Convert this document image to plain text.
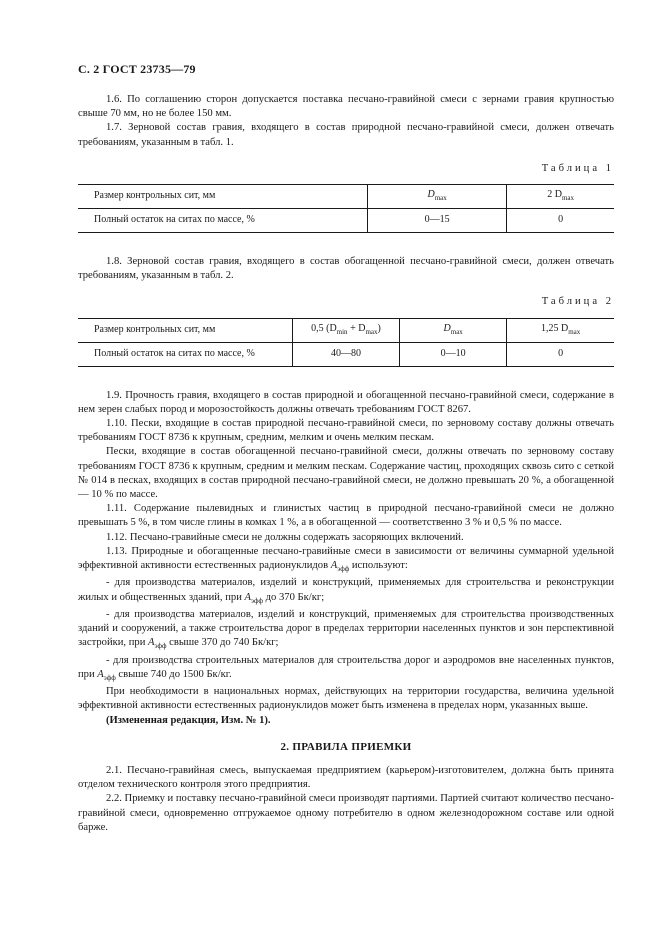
С. 2 ГОСТ 23735—79

1.6. По соглашению сторон допускается поставка песчано-гравийной смеси с зернами гравия крупностью свыше 70 мм, но не более 150 мм.

1.7. Зерновой состав гравия, входящего в состав природной песчано-гравийной смеси, должен отвечать требованиям, указанным в табл. 1.

Таблица 1
Размер контрольных сит, мм	$D_{max}$	2 $D_{max}$
Полный остаток на ситах по массе, %	0—15	0

1.8. Зерновой состав гравия, входящего в состав обогащенной песчано-гравийной смеси, должен отвечать требованиям, указанным в табл. 2.

Таблица 2
Размер контрольных сит, мм	0,5 $(D_{min} + D_{max})$	$D_{max}$	1,25 $D_{max}$
Полный остаток на ситах по массе, %	40—80	0—10	0

1.9. Прочность гравия, входящего в состав природной и обогащенной песчано-гравийной смеси, содержание в нем зерен слабых пород и морозостойкость должны отвечать требованиям ГОСТ 8267.

1.10. Пески, входящие в состав природной песчано-гравийной смеси, по зерновому составу должны отвечать требованиям ГОСТ 8736 к крупным, средним, мелким и очень мелким пескам.

Пески, входящие в состав обогащенной песчано-гравийной смеси, должны отвечать по зерновому составу требованиям ГОСТ 8736 к крупным, средним и мелким пескам. Содержание частиц, проходящих сквозь сито с сеткой № 014 в песках, входящих в состав природной песчано-гравийной смеси, не должно превышать 20 %, а обогащенной — 10 % по массе.

1.11. Содержание пылевидных и глинистых частиц в природной песчано-гравийной смеси не должно превышать 5 %, в том числе глины в комках 1 %, а в обогащенной — соответственно 3 % и 0,5 % по массе.

1.12. Песчано-гравийные смеси не должны содержать засоряющих включений.

1.13. Природные и обогащенные песчано-гравийные смеси в зависимости от величины суммарной удельной эффективной активности естественных радионуклидов $A_{эфф}$ используют:

- для производства материалов, изделий и конструкций, применяемых для строительства и реконструкции жилых и общественных зданий, при $A_{эфф}$ до 370 Бк/кг;

- для производства материалов, изделий и конструкций, применяемых для строительства производственных зданий и сооружений, а также строительства дорог в пределах территории населенных пунктов и зон перспективной застройки, при $A_{эфф}$ свыше 370 до 740 Бк/кг;

- для производства строительных материалов для строительства дорог и аэродромов вне населенных пунктов, при $A_{эфф}$ свыше 740 до 1500 Бк/кг.

При необходимости в национальных нормах, действующих на территории государства, величина удельной эффективной активности естественных радионуклидов может быть изменена в пределах норм, указанных выше.

(Измененная редакция, Изм. № 1).

2. ПРАВИЛА ПРИЕМКИ

2.1. Песчано-гравийная смесь, выпускаемая предприятием (карьером)-изготовителем, должна быть принята отделом технического контроля этого предприятия.

2.2. Приемку и поставку песчано-гравийной смеси производят партиями. Партией считают количество песчано-гравийной смеси, одновременно отгружаемое одному потребителю в одном железнодорожном составе или одной барже.
